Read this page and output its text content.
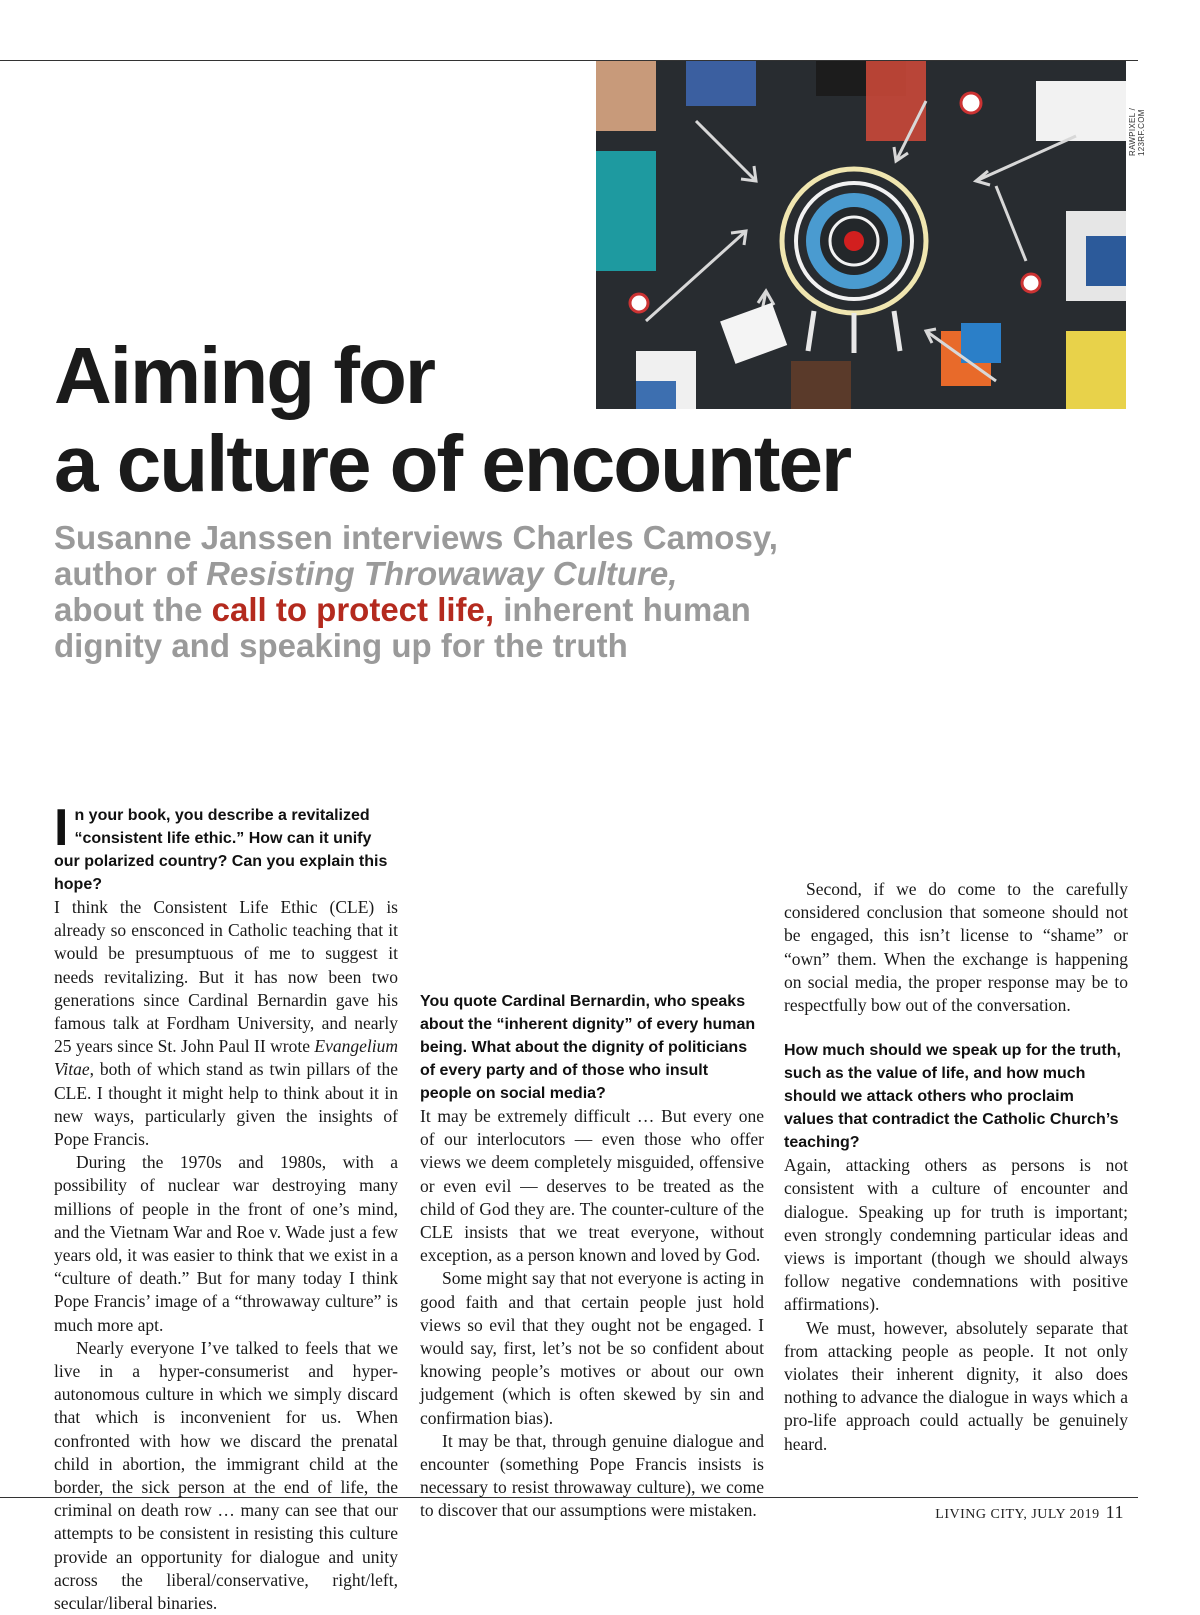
RAWPIXEL / 123RF.COM
Aiming for
a culture of encounter
Susanne Janssen interviews Charles Camosy,
author of Resisting Throwaway Culture,
about the call to protect life, inherent human
dignity and speaking up for the truth

In your book, you describe a revitalized “consistent life ethic.” How can it unify our polarized country? Can you explain this hope?

I think the Consistent Life Ethic (CLE) is already so ensconced in Catholic teaching that it would be presumptuous of me to suggest it needs revitalizing. But it has now been two generations since Cardinal Bernardin gave his famous talk at Fordham University, and nearly 25 years since St. John Paul II wrote Evangelium Vitae, both of which stand as twin pillars of the CLE. I thought it might help to think about it in new ways, particularly given the insights of Pope Francis.

During the 1970s and 1980s, with a possibility of nuclear war destroying many millions of people in the front of one’s mind, and the Vietnam War and Roe v. Wade just a few years old, it was easier to think that we exist in a “culture of death.” But for many today I think Pope Francis’ image of a “throwaway culture” is much more apt.

Nearly everyone I’ve talked to feels that we live in a hyper-consumerist and hyper-autonomous culture in which we simply discard that which is inconvenient for us. When confronted with how we discard the prenatal child in abortion, the immigrant child at the border, the sick person at the end of life, the criminal on death row … many can see that our attempts to be consistent in resisting this culture provide an opportunity for dialogue and unity across the liberal/conservative, right/left, secular/liberal binaries.

You quote Cardinal Bernardin, who speaks about the “inherent dignity” of every human being. What about the dignity of politicians of every party and of those who insult people on social media?

It may be extremely difficult … But every one of our interlocutors — even those who offer views we deem completely misguided, offensive or even evil — deserves to be treated as the child of God they are. The counter-culture of the CLE insists that we treat everyone, without exception, as a person known and loved by God.

Some might say that not everyone is acting in good faith and that certain people just hold views so evil that they ought not be engaged. I would say, first, let’s not be so confident about knowing people’s motives or about our own judgement (which is often skewed by sin and confirmation bias).

It may be that, through genuine dialogue and encounter (something Pope Francis insists is necessary to resist throwaway culture), we come to discover that our assumptions were mistaken.

Second, if we do come to the carefully considered conclusion that someone should not be engaged, this isn’t license to “shame” or “own” them. When the exchange is happening on social media, the proper response may be to respectfully bow out of the conversation.

How much should we speak up for the truth, such as the value of life, and how much should we attack others who proclaim values that contradict the Catholic Church’s teaching?

Again, attacking others as persons is not consistent with a culture of encounter and dialogue. Speaking up for truth is important; even strongly condemning particular ideas and views is important (though we should always follow negative condemnations with positive affirmations).

We must, however, absolutely separate that from attacking people as people. It not only violates their inherent dignity, it also does nothing to advance the dialogue in ways which a pro-life approach could actually be genuinely heard.

LIVING CITY, JULY 2019 11
